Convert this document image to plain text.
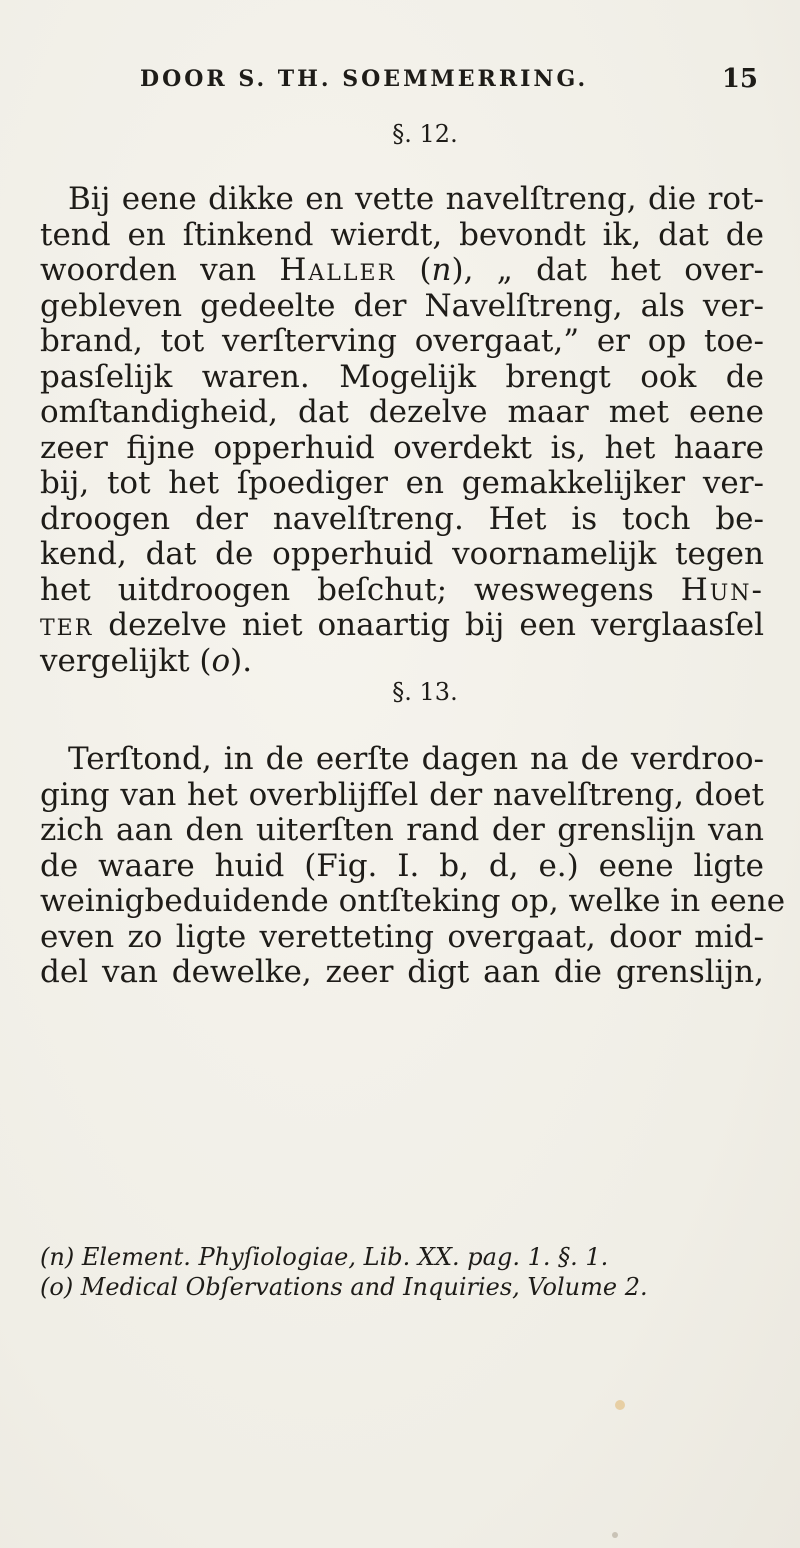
DOOR S. TH. SOEMMERRING.	15
§. 12.
Bij eene dikke en vette navelſtreng, die rot-
tend en ſtinkend wierdt, bevondt ik, dat de
woorden van Haller (n), „ dat het over-
gebleven gedeelte der Navelſtreng, als ver-
brand, tot verſterving overgaat,” er op toe-
pasſelijk waren. Mogelijk brengt ook de
omſtandigheid, dat dezelve maar met eene
zeer fijne opperhuid overdekt is, het haare
bij, tot het ſpoediger en gemakkelijker ver-
droogen der navelſtreng. Het is toch be-
kend, dat de opperhuid voornamelijk tegen
het uitdroogen beſchut; weswegens Hun-
ter dezelve niet onaartig bij een verglaasſel
vergelijkt (o).
§. 13.
Terſtond, in de eerſte dagen na de verdroo-
ging van het overblijfſel der navelſtreng, doet
zich aan den uiterſten rand der grenslijn van
de waare huid (Fig. I. b, d, e.) eene ligte
weinigbeduidende ontſteking op, welke in eene
even zo ligte veretteting overgaat, door mid-
del van dewelke, zeer digt aan die grenslijn,
(n) Element. Phyſiologiae, Lib. XX. pag. 1. §. 1.
(o) Medical Obſervations and Inquiries, Volume 2.
